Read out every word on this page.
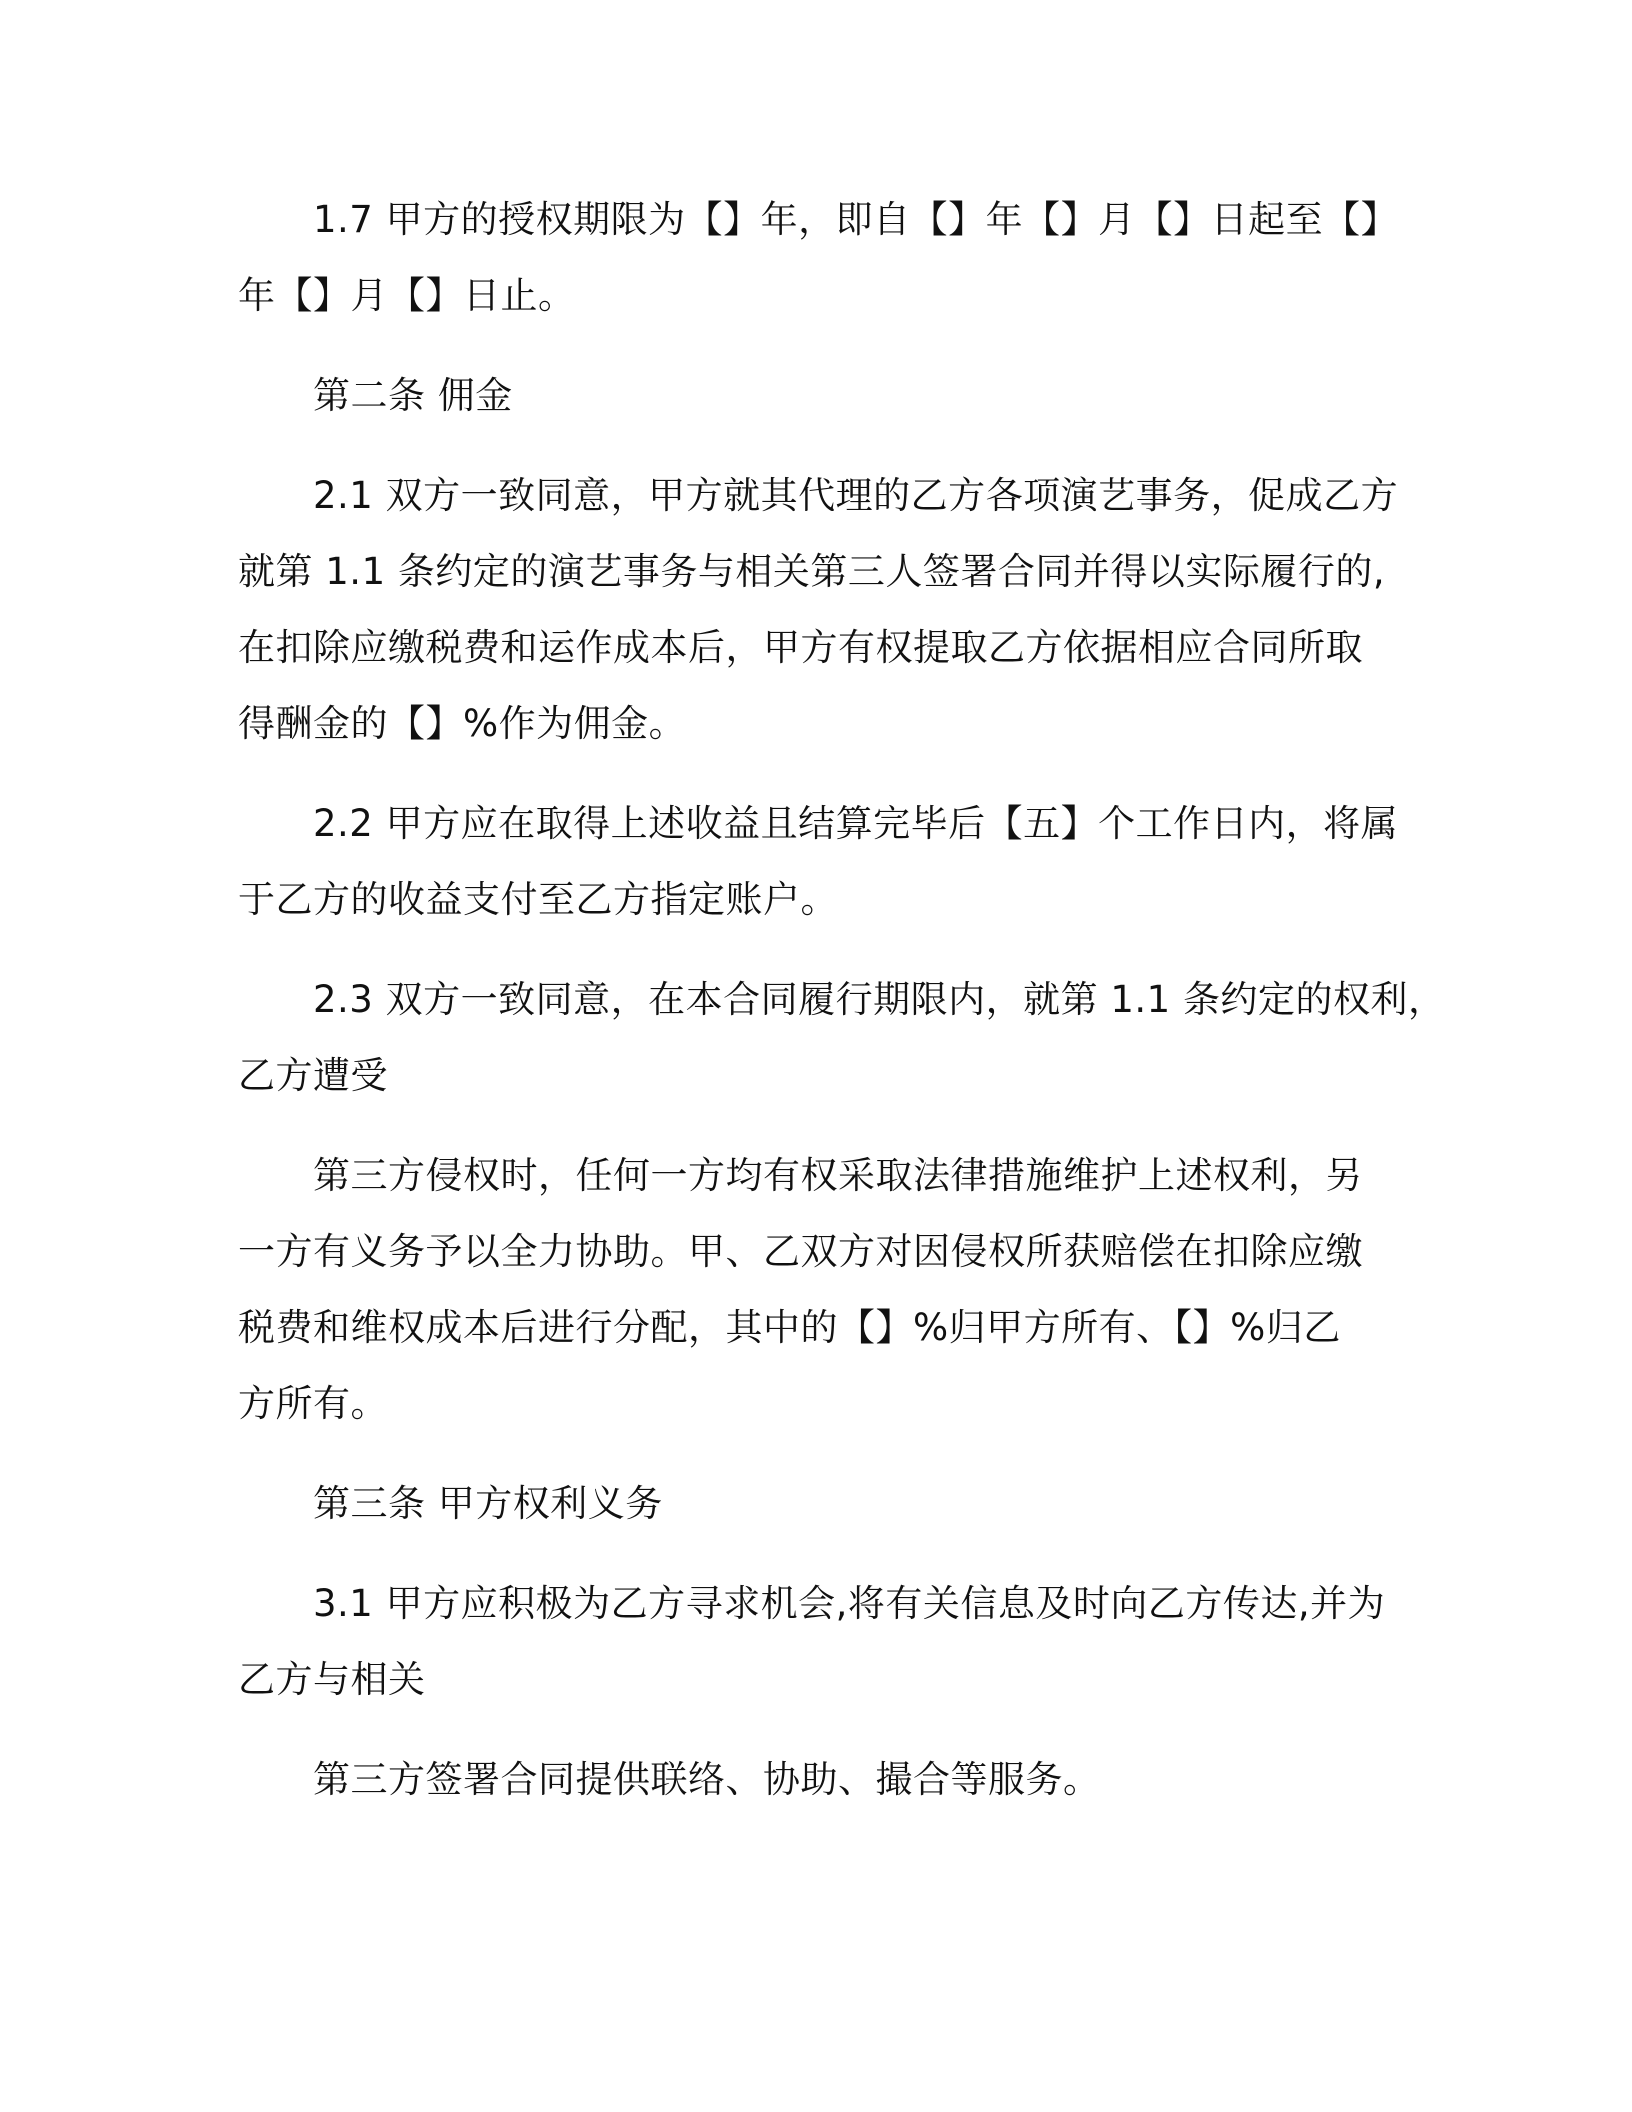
1.7 甲方的授权期限为【】年，即自【】年【】月【】日起至【】
年【】月【】日止。
第二条 佣金
2.1 双方一致同意，甲方就其代理的乙方各项演艺事务，促成乙方
就第 1.1 条约定的演艺事务与相关第三人签署合同并得以实际履行的,
在扣除应缴税费和运作成本后，甲方有权提取乙方依据相应合同所取
得酬金的【】%作为佣金。
2.2 甲方应在取得上述收益且结算完毕后【五】个工作日内，将属
于乙方的收益支付至乙方指定账户。
2.3 双方一致同意，在本合同履行期限内，就第 1.1 条约定的权利，
乙方遭受
第三方侵权时，任何一方均有权采取法律措施维护上述权利，另
一方有义务予以全力协助。甲、乙双方对因侵权所获赔偿在扣除应缴
税费和维权成本后进行分配，其中的【】%归甲方所有、【】%归乙
方所有。
第三条 甲方权利义务
3.1 甲方应积极为乙方寻求机会,将有关信息及时向乙方传达,并为
乙方与相关
第三方签署合同提供联络、协助、撮合等服务。
